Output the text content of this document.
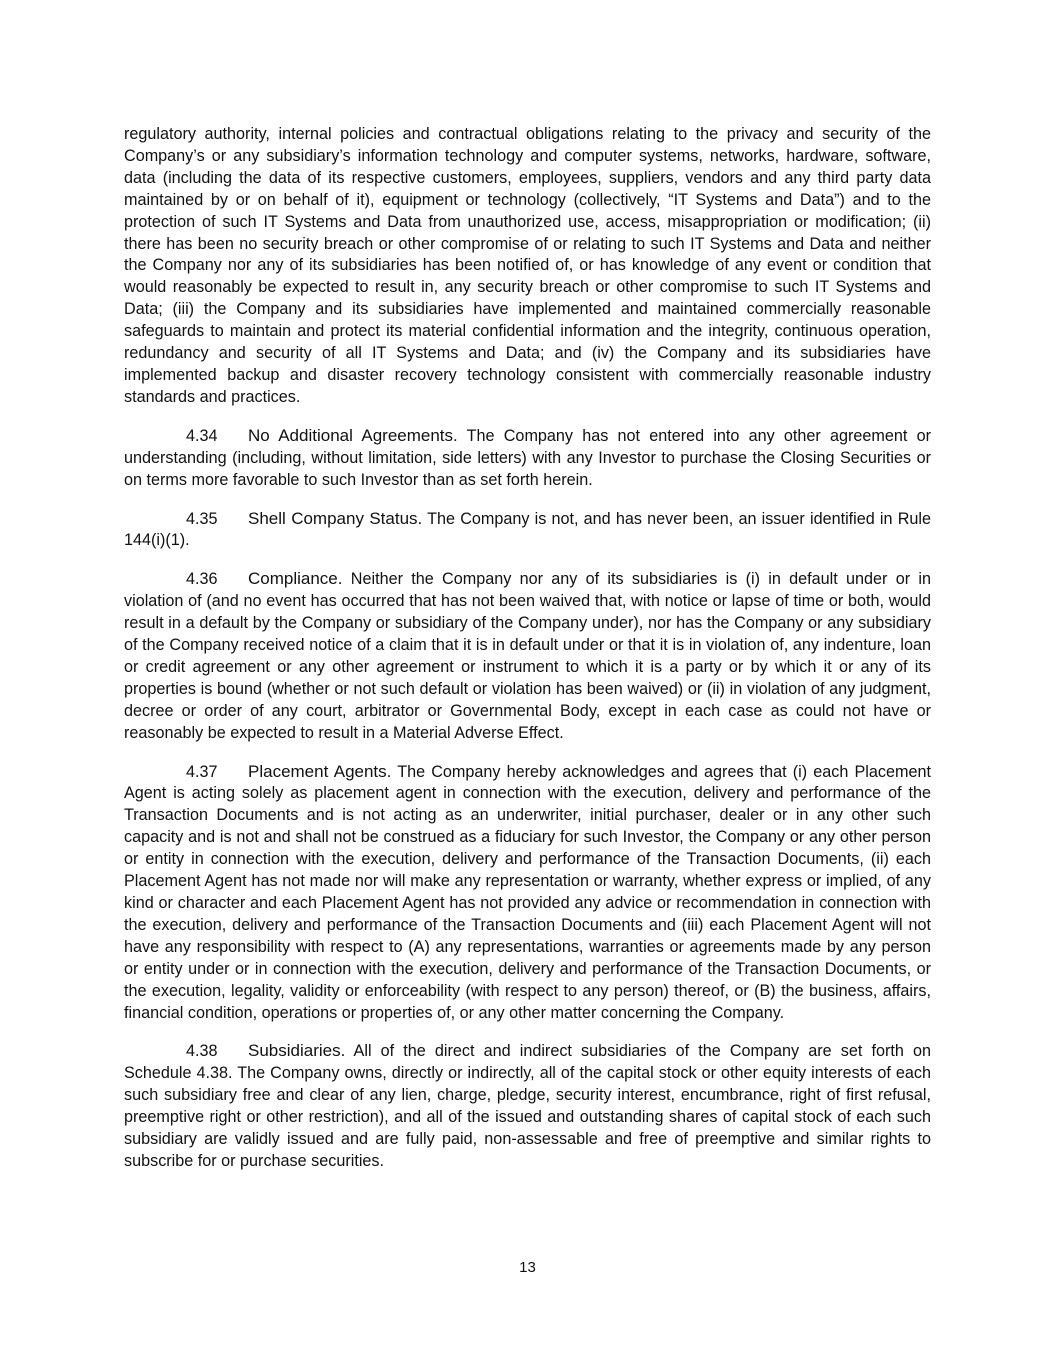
regulatory authority, internal policies and contractual obligations relating to the privacy and security of the Company’s or any subsidiary’s information technology and computer systems, networks, hardware, software, data (including the data of its respective customers, employees, suppliers, vendors and any third party data maintained by or on behalf of it), equipment or technology (collectively, “IT Systems and Data”) and to the protection of such IT Systems and Data from unauthorized use, access, misappropriation or modification; (ii) there has been no security breach or other compromise of or relating to such IT Systems and Data and neither the Company nor any of its subsidiaries has been notified of, or has knowledge of any event or condition that would reasonably be expected to result in, any security breach or other compromise to such IT Systems and Data; (iii) the Company and its subsidiaries have implemented and maintained commercially reasonable safeguards to maintain and protect its material confidential information and the integrity, continuous operation, redundancy and security of all IT Systems and Data; and (iv) the Company and its subsidiaries have implemented backup and disaster recovery technology consistent with commercially reasonable industry standards and practices.

4.34 No Additional Agreements. The Company has not entered into any other agreement or understanding (including, without limitation, side letters) with any Investor to purchase the Closing Securities or on terms more favorable to such Investor than as set forth herein.

4.35 Shell Company Status. The Company is not, and has never been, an issuer identified in Rule 144(i)(1).

4.36 Compliance. Neither the Company nor any of its subsidiaries is (i) in default under or in violation of (and no event has occurred that has not been waived that, with notice or lapse of time or both, would result in a default by the Company or subsidiary of the Company under), nor has the Company or any subsidiary of the Company received notice of a claim that it is in default under or that it is in violation of, any indenture, loan or credit agreement or any other agreement or instrument to which it is a party or by which it or any of its properties is bound (whether or not such default or violation has been waived) or (ii) in violation of any judgment, decree or order of any court, arbitrator or Governmental Body, except in each case as could not have or reasonably be expected to result in a Material Adverse Effect.

4.37 Placement Agents. The Company hereby acknowledges and agrees that (i) each Placement Agent is acting solely as placement agent in connection with the execution, delivery and performance of the Transaction Documents and is not acting as an underwriter, initial purchaser, dealer or in any other such capacity and is not and shall not be construed as a fiduciary for such Investor, the Company or any other person or entity in connection with the execution, delivery and performance of the Transaction Documents, (ii) each Placement Agent has not made nor will make any representation or warranty, whether express or implied, of any kind or character and each Placement Agent has not provided any advice or recommendation in connection with the execution, delivery and performance of the Transaction Documents and (iii) each Placement Agent will not have any responsibility with respect to (A) any representations, warranties or agreements made by any person or entity under or in connection with the execution, delivery and performance of the Transaction Documents, or the execution, legality, validity or enforceability (with respect to any person) thereof, or (B) the business, affairs, financial condition, operations or properties of, or any other matter concerning the Company.

4.38 Subsidiaries. All of the direct and indirect subsidiaries of the Company are set forth on Schedule 4.38. The Company owns, directly or indirectly, all of the capital stock or other equity interests of each such subsidiary free and clear of any lien, charge, pledge, security interest, encumbrance, right of first refusal, preemptive right or other restriction), and all of the issued and outstanding shares of capital stock of each such subsidiary are validly issued and are fully paid, non-assessable and free of preemptive and similar rights to subscribe for or purchase securities.

13
